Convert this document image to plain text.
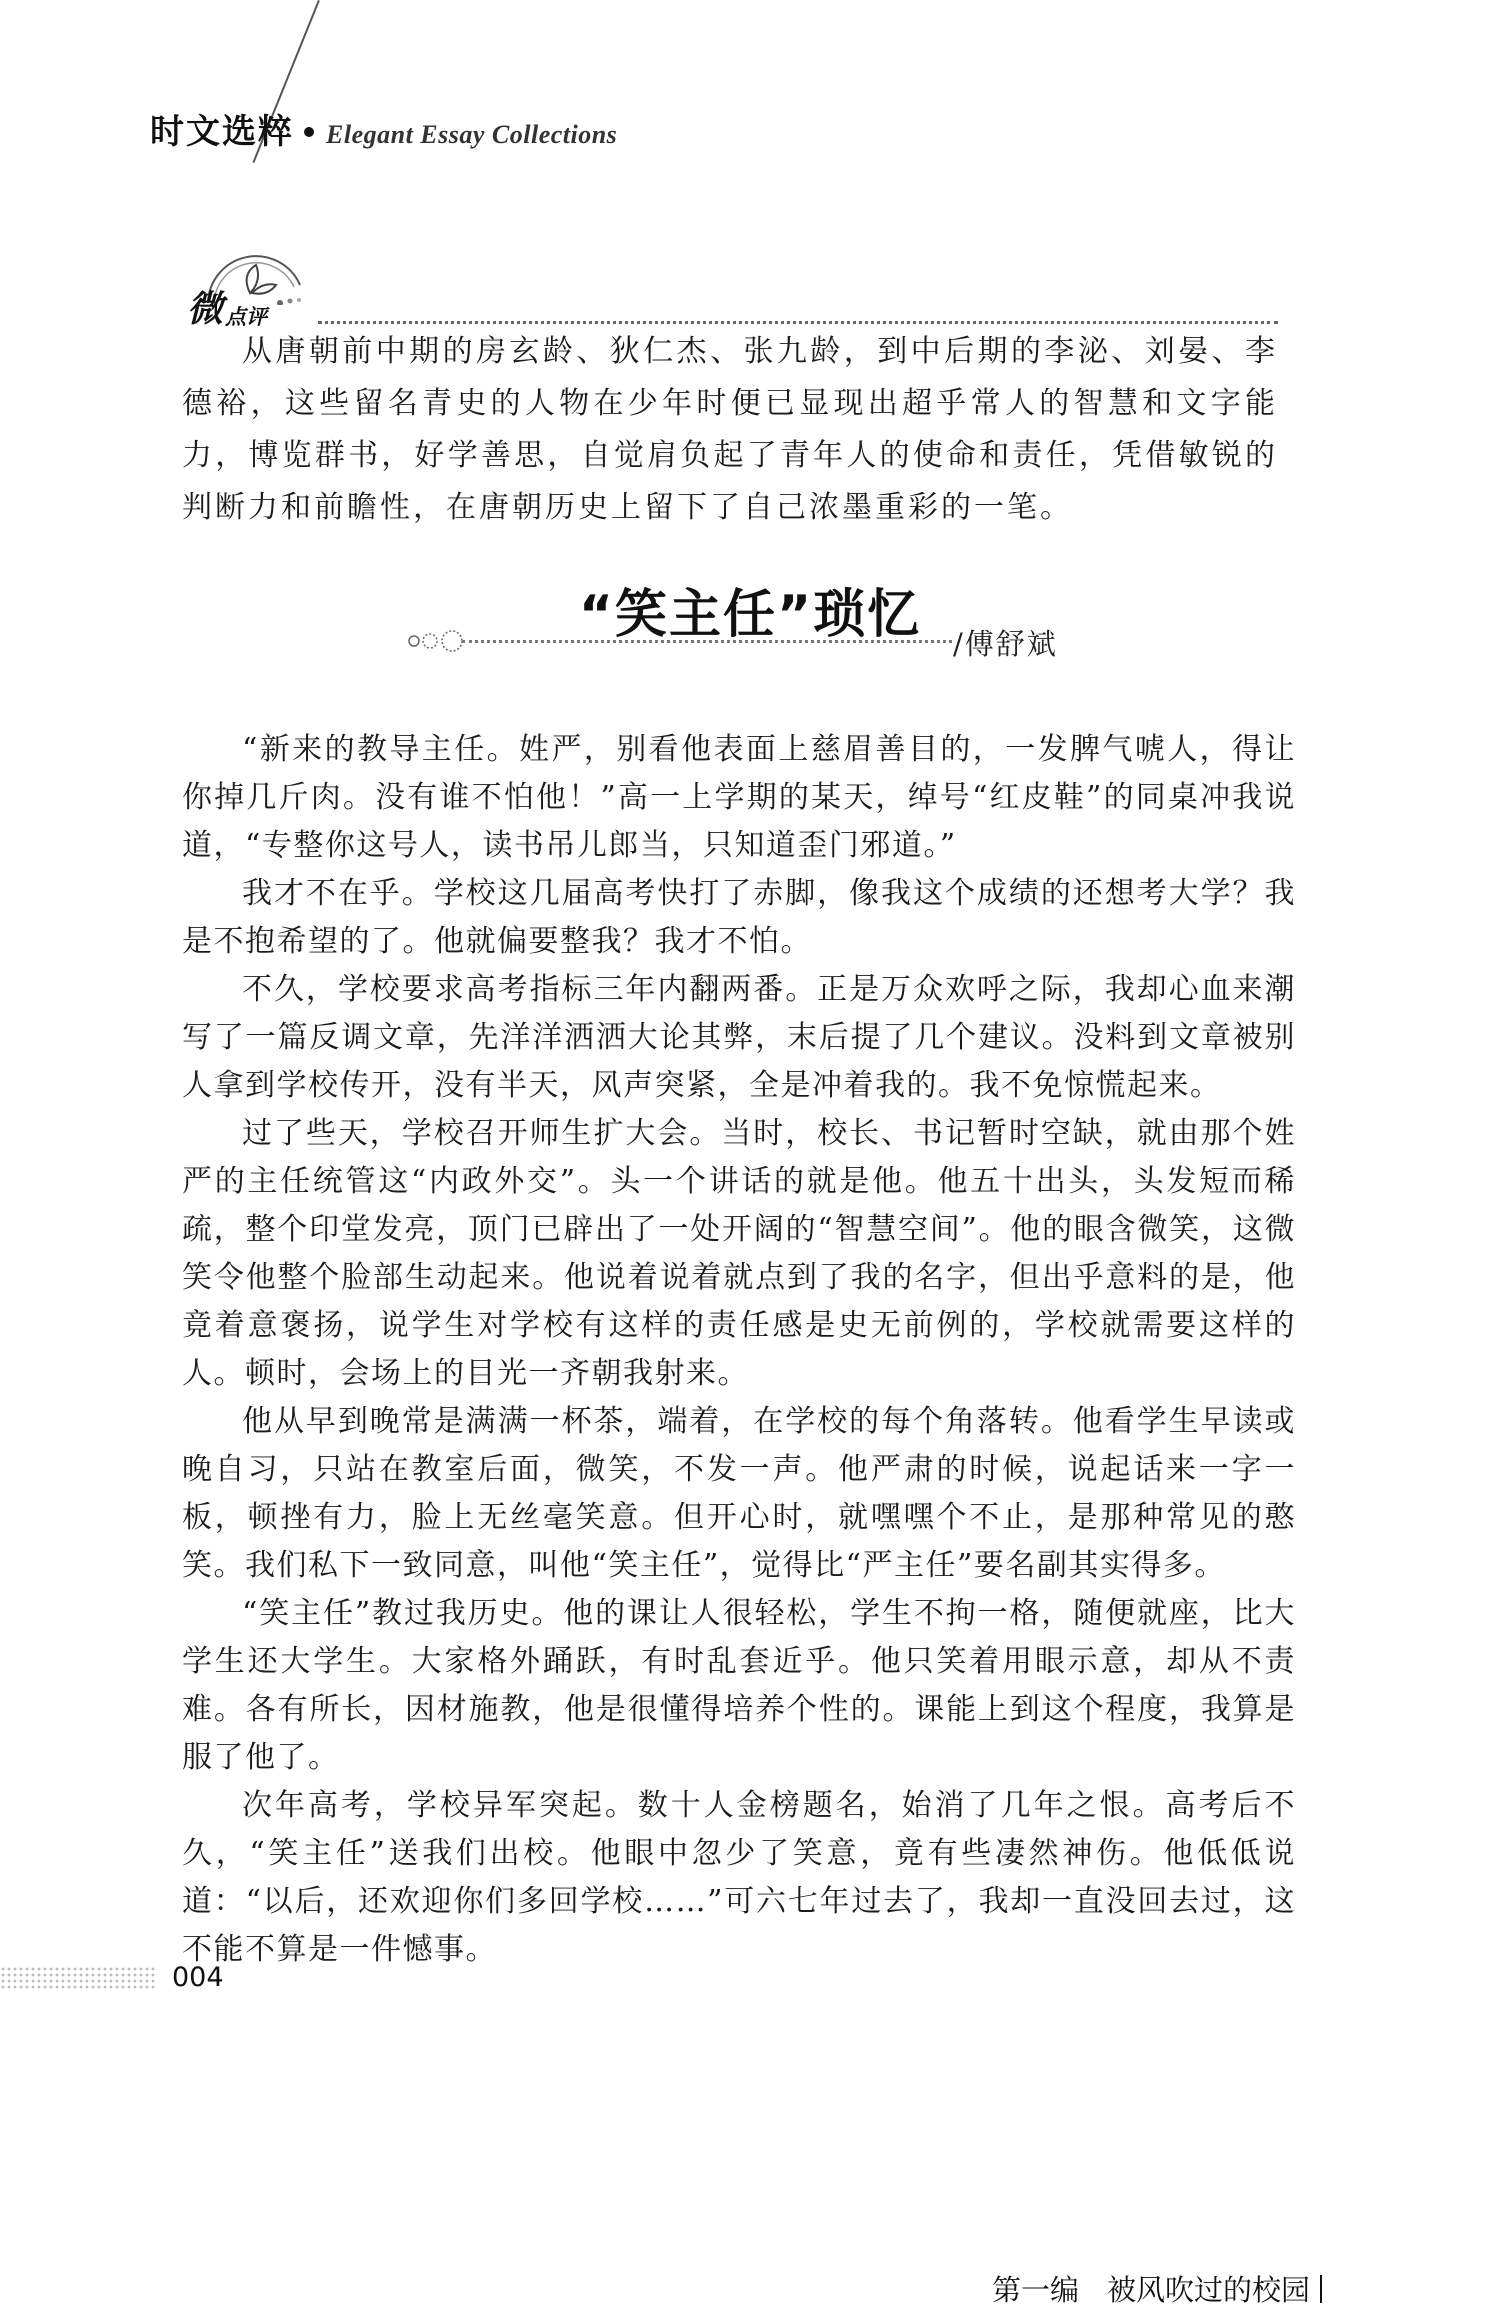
时文选粹 Elegant Essay Collections
微 点评

从唐朝前中期的房玄龄、狄仁杰、张九龄，到中后期的李泌、刘晏、李德裕，这些留名青史的人物在少年时便已显现出超乎常人的智慧和文字能力，博览群书，好学善思，自觉肩负起了青年人的使命和责任，凭借敏锐的判断力和前瞻性，在唐朝历史上留下了自己浓墨重彩的一笔。

“笑主任”琐忆	/傅舒斌

“新来的教导主任。姓严，别看他表面上慈眉善目的，一发脾气唬人，得让你掉几斤肉。没有谁不怕他！”高一上学期的某天，绰号“红皮鞋”的同桌冲我说道，“专整你这号人，读书吊儿郎当，只知道歪门邪道。”

我才不在乎。学校这几届高考快打了赤脚，像我这个成绩的还想考大学？我是不抱希望的了。他就偏要整我？我才不怕。

不久，学校要求高考指标三年内翻两番。正是万众欢呼之际，我却心血来潮写了一篇反调文章，先洋洋洒洒大论其弊，末后提了几个建议。没料到文章被别人拿到学校传开，没有半天，风声突紧，全是冲着我的。我不免惊慌起来。

过了些天，学校召开师生扩大会。当时，校长、书记暂时空缺，就由那个姓严的主任统管这“内政外交”。头一个讲话的就是他。他五十出头，头发短而稀疏，整个印堂发亮，顶门已辟出了一处开阔的“智慧空间”。他的眼含微笑，这微笑令他整个脸部生动起来。他说着说着就点到了我的名字，但出乎意料的是，他竟着意褒扬，说学生对学校有这样的责任感是史无前例的，学校就需要这样的人。顿时，会场上的目光一齐朝我射来。

他从早到晚常是满满一杯茶，端着，在学校的每个角落转。他看学生早读或晚自习，只站在教室后面，微笑，不发一声。他严肃的时候，说起话来一字一板，顿挫有力，脸上无丝毫笑意。但开心时，就嘿嘿个不止，是那种常见的憨笑。我们私下一致同意，叫他“笑主任”，觉得比“严主任”要名副其实得多。

“笑主任”教过我历史。他的课让人很轻松，学生不拘一格，随便就座，比大学生还大学生。大家格外踊跃，有时乱套近乎。他只笑着用眼示意，却从不责难。各有所长，因材施教，他是很懂得培养个性的。课能上到这个程度，我算是服了他了。

次年高考，学校异军突起。数十人金榜题名，始消了几年之恨。高考后不久，“笑主任”送我们出校。他眼中忽少了笑意，竟有些凄然神伤。他低低说道：“以后，还欢迎你们多回学校……”可六七年过去了，我却一直没回去过，这不能不算是一件憾事。

004
第一编 被风吹过的校园
